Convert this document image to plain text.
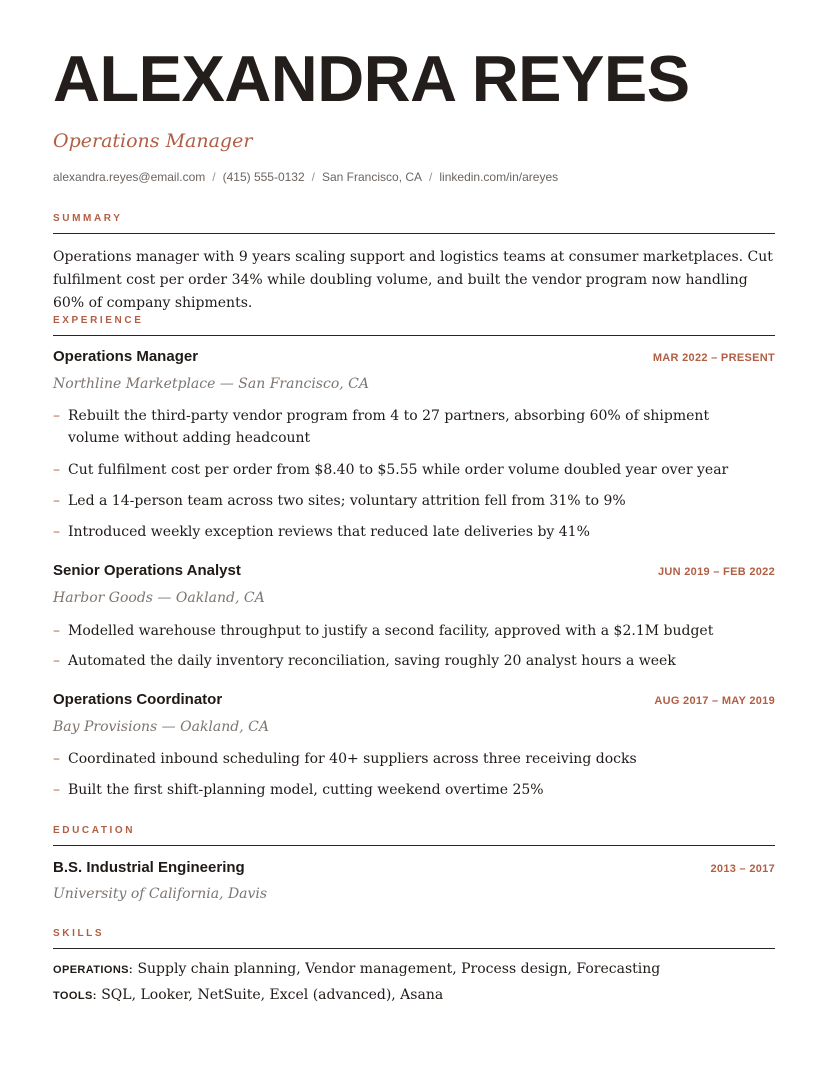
ALEXANDRA REYES
Operations Manager
alexandra.reyes@email.com / (415) 555-0132 / San Francisco, CA / linkedin.com/in/areyes
SUMMARY
Operations manager with 9 years scaling support and logistics teams at consumer marketplaces. Cut fulfilment cost per order 34% while doubling volume, and built the vendor program now handling 60% of company shipments.
EXPERIENCE
Operations Manager	MAR 2022 – PRESENT
Northline Marketplace — San Francisco, CA
– Rebuilt the third-party vendor program from 4 to 27 partners, absorbing 60% of shipment volume without adding headcount
– Cut fulfilment cost per order from $8.40 to $5.55 while order volume doubled year over year
– Led a 14-person team across two sites; voluntary attrition fell from 31% to 9%
– Introduced weekly exception reviews that reduced late deliveries by 41%
Senior Operations Analyst	JUN 2019 – FEB 2022
Harbor Goods — Oakland, CA
– Modelled warehouse throughput to justify a second facility, approved with a $2.1M budget
– Automated the daily inventory reconciliation, saving roughly 20 analyst hours a week
Operations Coordinator	AUG 2017 – MAY 2019
Bay Provisions — Oakland, CA
– Coordinated inbound scheduling for 40+ suppliers across three receiving docks
– Built the first shift-planning model, cutting weekend overtime 25%
EDUCATION
B.S. Industrial Engineering	2013 – 2017
University of California, Davis
SKILLS
OPERATIONS: Supply chain planning, Vendor management, Process design, Forecasting
TOOLS: SQL, Looker, NetSuite, Excel (advanced), Asana
